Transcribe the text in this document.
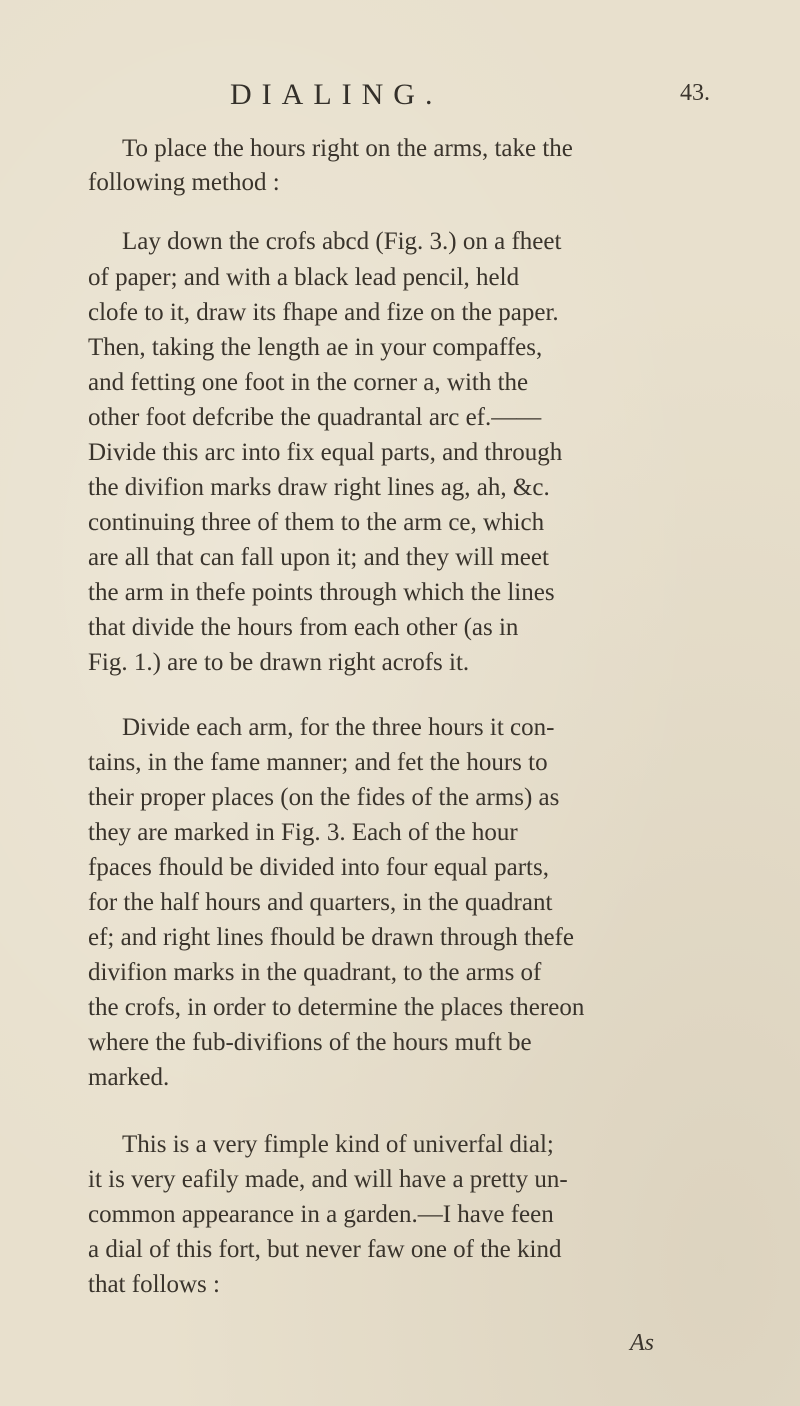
DIALING.	43.
To place the hours right on the arms, take the
following method :
Lay down the crofs abcd (Fig. 3.) on a fheet
of paper; and with a black lead pencil, held
clofe to it, draw its fhape and fize on the paper.
Then, taking the length ae in your compaffes,
and fetting one foot in the corner a, with the
other foot defcribe the quadrantal arc ef.——
Divide this arc into fix equal parts, and through
the divifion marks draw right lines ag, ah, &c.
continuing three of them to the arm ce, which
are all that can fall upon it; and they will meet
the arm in thefe points through which the lines
that divide the hours from each other (as in
Fig. 1.) are to be drawn right acrofs it.
Divide each arm, for the three hours it con-
tains, in the fame manner; and fet the hours to
their proper places (on the fides of the arms) as
they are marked in Fig. 3. Each of the hour
fpaces fhould be divided into four equal parts,
for the half hours and quarters, in the quadrant
ef; and right lines fhould be drawn through thefe
divifion marks in the quadrant, to the arms of
the crofs, in order to determine the places thereon
where the fub-divifions of the hours muft be
marked.
This is a very fimple kind of univerfal dial;
it is very eafily made, and will have a pretty un-
common appearance in a garden.—I have feen
a dial of this fort, but never faw one of the kind
that follows :
As
